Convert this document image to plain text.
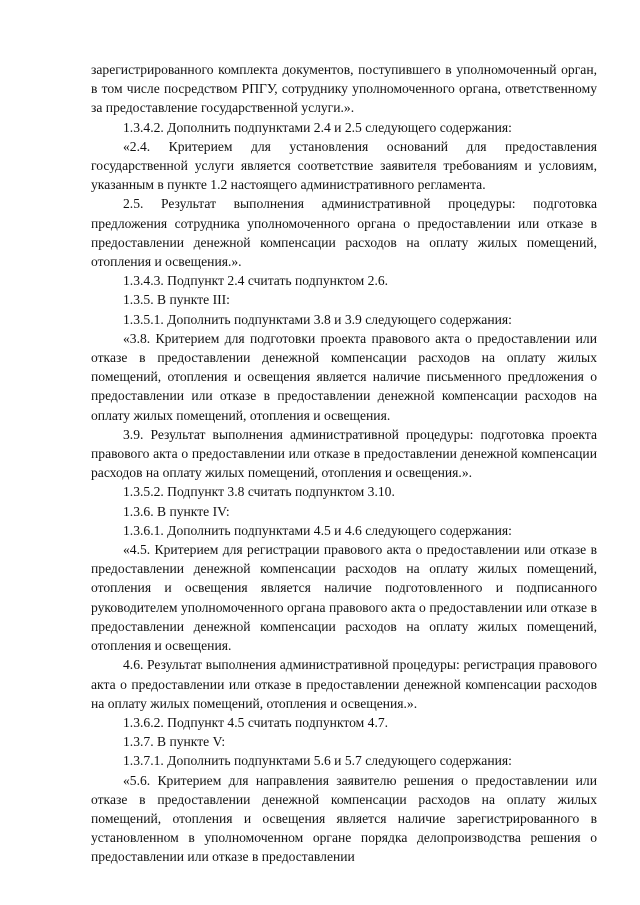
зарегистрированного комплекта документов, поступившего в уполномоченный орган, в том числе посредством РПГУ, сотруднику уполномоченного органа, ответственному за предоставление государственной услуги.».

1.3.4.2. Дополнить подпунктами 2.4 и 2.5 следующего содержания:

«2.4. Критерием для установления оснований для предоставления государственной услуги является соответствие заявителя требованиям и условиям, указанным в пункте 1.2 настоящего административного регламента.

2.5. Результат выполнения административной процедуры: подготовка предложения сотрудника уполномоченного органа о предоставлении или отказе в предоставлении денежной компенсации расходов на оплату жилых помещений, отопления и освещения.».

1.3.4.3. Подпункт 2.4 считать подпунктом 2.6.

1.3.5. В пункте III:

1.3.5.1. Дополнить подпунктами 3.8 и 3.9 следующего содержания:

«3.8. Критерием для подготовки проекта правового акта о предоставлении или отказе в предоставлении денежной компенсации расходов на оплату жилых помещений, отопления и освещения является наличие письменного предложения о предоставлении или отказе в предоставлении денежной компенсации расходов на оплату жилых помещений, отопления и освещения.

3.9. Результат выполнения административной процедуры: подготовка проекта правового акта о предоставлении или отказе в предоставлении денежной компенсации расходов на оплату жилых помещений, отопления и освещения.».

1.3.5.2. Подпункт 3.8 считать подпунктом 3.10.

1.3.6. В пункте IV:

1.3.6.1. Дополнить подпунктами 4.5 и 4.6 следующего содержания:

«4.5. Критерием для регистрации правового акта о предоставлении или отказе в предоставлении денежной компенсации расходов на оплату жилых помещений, отопления и освещения является наличие подготовленного и подписанного руководителем уполномоченного органа правового акта о предоставлении или отказе в предоставлении денежной компенсации расходов на оплату жилых помещений, отопления и освещения.

4.6. Результат выполнения административной процедуры: регистрация правового акта о предоставлении или отказе в предоставлении денежной компенсации расходов на оплату жилых помещений, отопления и освещения.».

1.3.6.2. Подпункт 4.5 считать подпунктом 4.7.

1.3.7. В пункте V:

1.3.7.1. Дополнить подпунктами 5.6 и 5.7 следующего содержания:

«5.6. Критерием для направления заявителю решения о предоставлении или отказе в предоставлении денежной компенсации расходов на оплату жилых помещений, отопления и освещения является наличие зарегистрированного в установленном в уполномоченном органе порядка делопроизводства решения о предоставлении или отказе в предоставлении
